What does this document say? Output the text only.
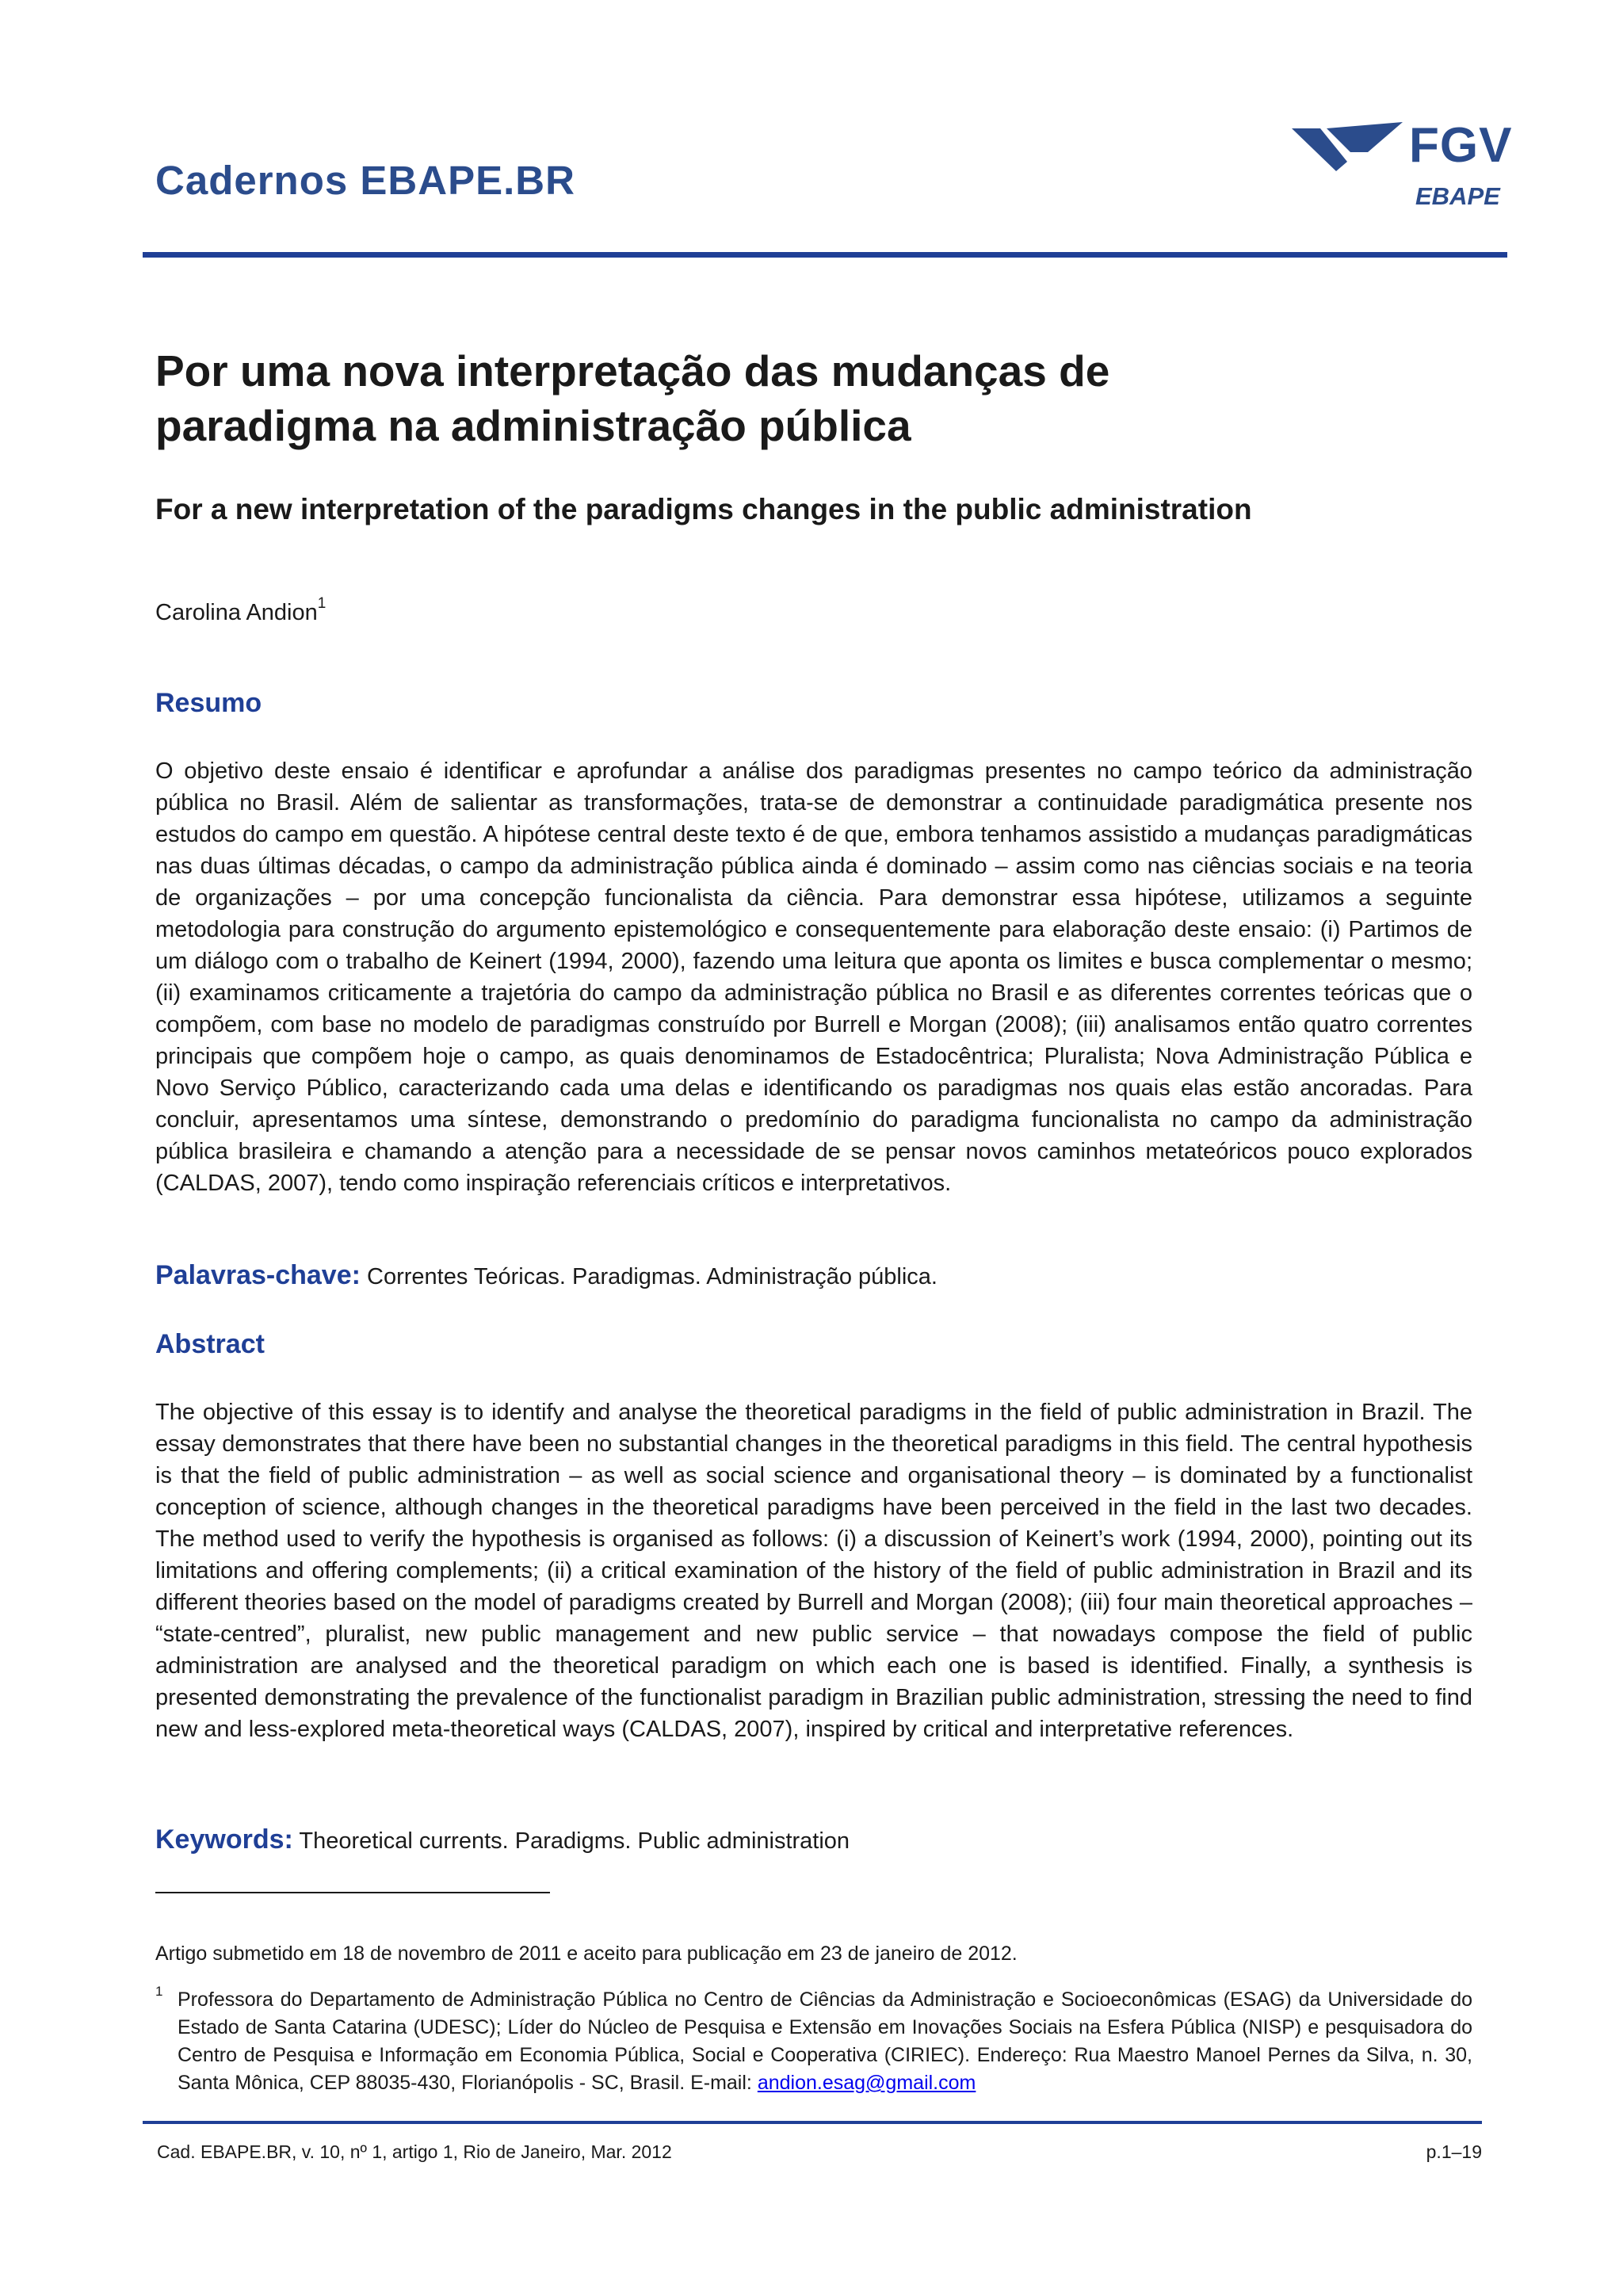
Cadernos EBAPE.BR
FGV
EBAPE
Por uma nova interpretação das mudanças de
paradigma na administração pública
For a new interpretation of the paradigms changes in the public administration
Carolina Andion$^1$
Resumo

O objetivo deste ensaio é identificar e aprofundar a análise dos paradigmas presentes no campo teórico da administração pública no Brasil. Além de salientar as transformações, trata-se de demonstrar a continuidade paradigmática presente nos estudos do campo em questão. A hipótese central deste texto é de que, embora tenhamos assistido a mudanças paradigmáticas nas duas últimas décadas, o campo da administração pública ainda é dominado – assim como nas ciências sociais e na teoria de organizações – por uma concepção funcionalista da ciência. Para demonstrar essa hipótese, utilizamos a seguinte metodologia para construção do argumento epistemológico e consequentemente para elaboração deste ensaio: (i) Partimos de um diálogo com o trabalho de Keinert (1994, 2000), fazendo uma leitura que aponta os limites e busca complementar o mesmo; (ii) examinamos criticamente a trajetória do campo da administração pública no Brasil e as diferentes correntes teóricas que o compõem, com base no modelo de paradigmas construído por Burrell e Morgan (2008); (iii) analisamos então quatro correntes principais que compõem hoje o campo, as quais denominamos de Estadocêntrica; Pluralista; Nova Administração Pública e Novo Serviço Público, caracterizando cada uma delas e identificando os paradigmas nos quais elas estão ancoradas. Para concluir, apresentamos uma síntese, demonstrando o predomínio do paradigma funcionalista no campo da administração pública brasileira e chamando a atenção para a necessidade de se pensar novos caminhos metateóricos pouco explorados (CALDAS, 2007), tendo como inspiração referenciais críticos e interpretativos.

Palavras-chave: Correntes Teóricas. Paradigmas. Administração pública.
Abstract

The objective of this essay is to identify and analyse the theoretical paradigms in the field of public administration in Brazil. The essay demonstrates that there have been no substantial changes in the theoretical paradigms in this field. The central hypothesis is that the field of public administration – as well as social science and organisational theory – is dominated by a functionalist conception of science, although changes in the theoretical paradigms have been perceived in the field in the last two decades. The method used to verify the hypothesis is organised as follows: (i) a discussion of Keinert’s work (1994, 2000), pointing out its limitations and offering complements; (ii) a critical examination of the history of the field of public administration in Brazil and its different theories based on the model of paradigms created by Burrell and Morgan (2008); (iii) four main theoretical approaches – “state-centred”, pluralist, new public management and new public service – that nowadays compose the field of public administration are analysed and the theoretical paradigm on which each one is based is identified. Finally, a synthesis is presented demonstrating the prevalence of the functionalist paradigm in Brazilian public administration, stressing the need to find new and less-explored meta-theoretical ways (CALDAS, 2007), inspired by critical and interpretative references.

Keywords: Theoretical currents. Paradigms. Public administration

Artigo submetido em 18 de novembro de 2011 e aceito para publicação em 23 de janeiro de 2012.

1 Professora do Departamento de Administração Pública no Centro de Ciências da Administração e Socioeconômicas (ESAG) da Universidade do Estado de Santa Catarina (UDESC); Líder do Núcleo de Pesquisa e Extensão em Inovações Sociais na Esfera Pública (NISP) e pesquisadora do Centro de Pesquisa e Informação em Economia Pública, Social e Cooperativa (CIRIEC). Endereço: Rua Maestro Manoel Pernes da Silva, n. 30, Santa Mônica, CEP 88035-430, Florianópolis - SC, Brasil. E-mail: andion.esag@gmail.com

Cad. EBAPE.BR, v. 10, nº 1, artigo 1, Rio de Janeiro, Mar. 2012	p.1–19
